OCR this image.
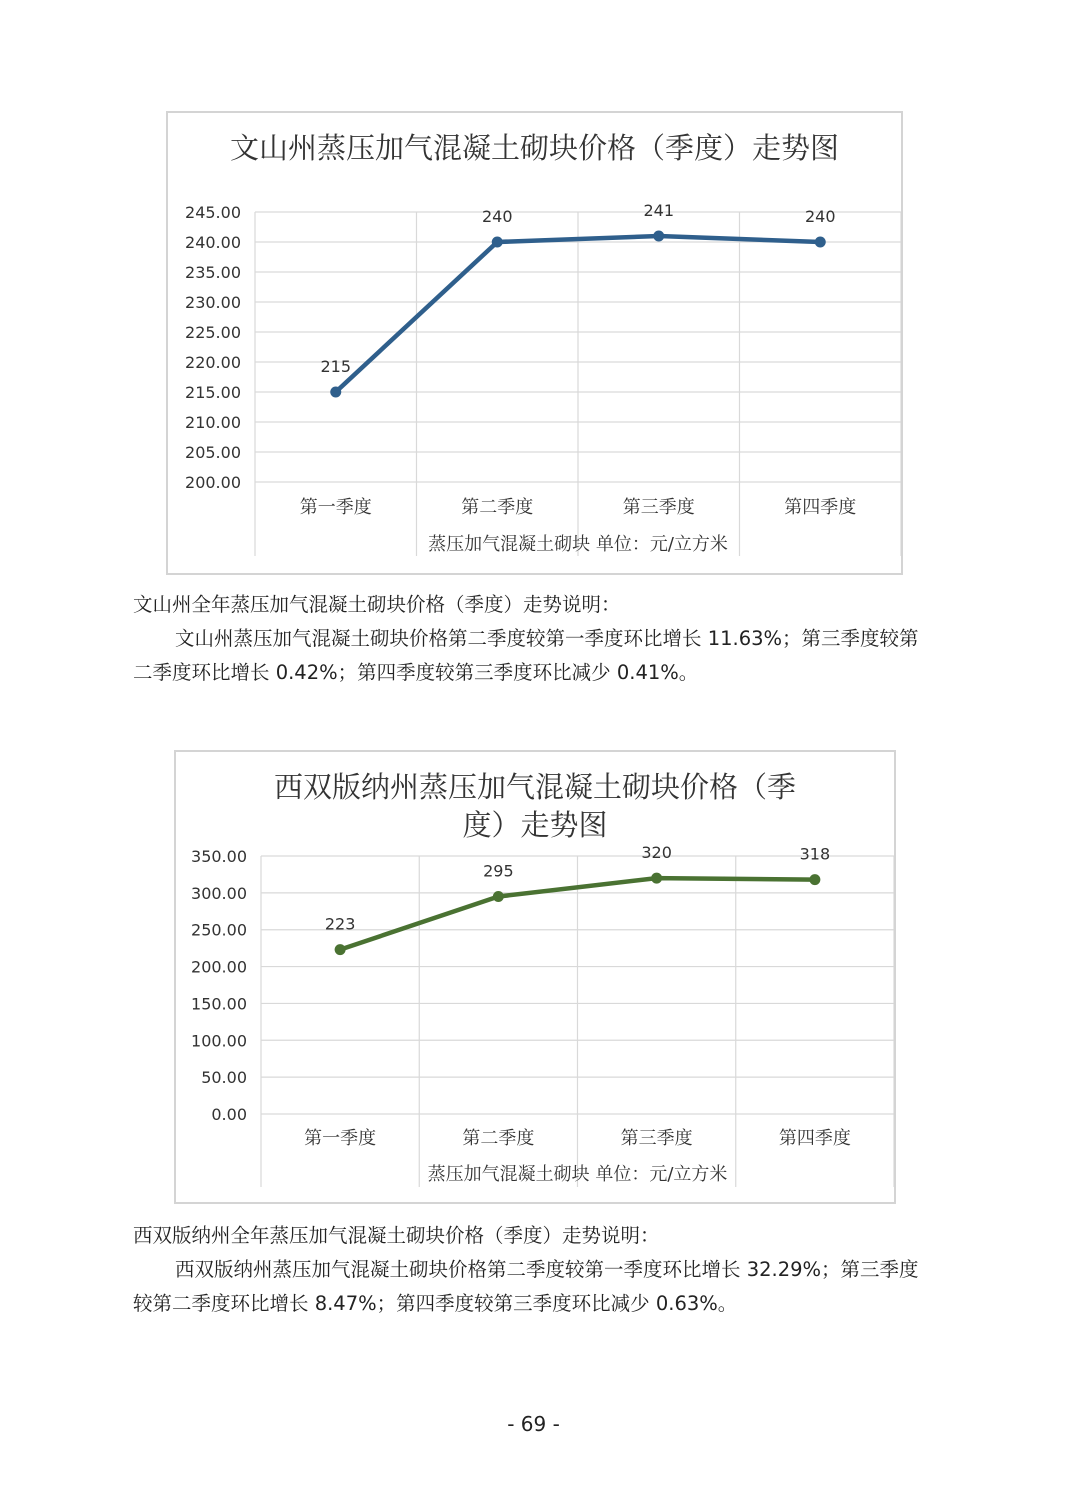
文山州蒸压加气混凝土砌块价格（季度）走势图
200.00
205.00
210.00
215.00
220.00
225.00
230.00
235.00
240.00
245.00
第一季度	第二季度	第三季度	第四季度
蒸压加气混凝土砌块 单位：元/立方米
215
240	241	240
文山州全年蒸压加气混凝土砌块价格（季度）走势说明：
文山州蒸压加气混凝土砌块价格第二季度较第一季度环比增长 11.63%；第三季度较第二季度环比增长 0.42%；第四季度较第三季度环比减少 0.41%。
西双版纳州蒸压加气混凝土砌块价格（季度）走势图
0.00
50.00
100.00
150.00
200.00
250.00
300.00
350.00
第一季度	第二季度	第三季度	第四季度
蒸压加气混凝土砌块 单位：元/立方米
223
295
320	318
西双版纳州全年蒸压加气混凝土砌块价格（季度）走势说明：
西双版纳州蒸压加气混凝土砌块价格第二季度较第一季度环比增长 32.29%；第三季度较第二季度环比增长 8.47%；第四季度较第三季度环比减少 0.63%。
- 69 -
